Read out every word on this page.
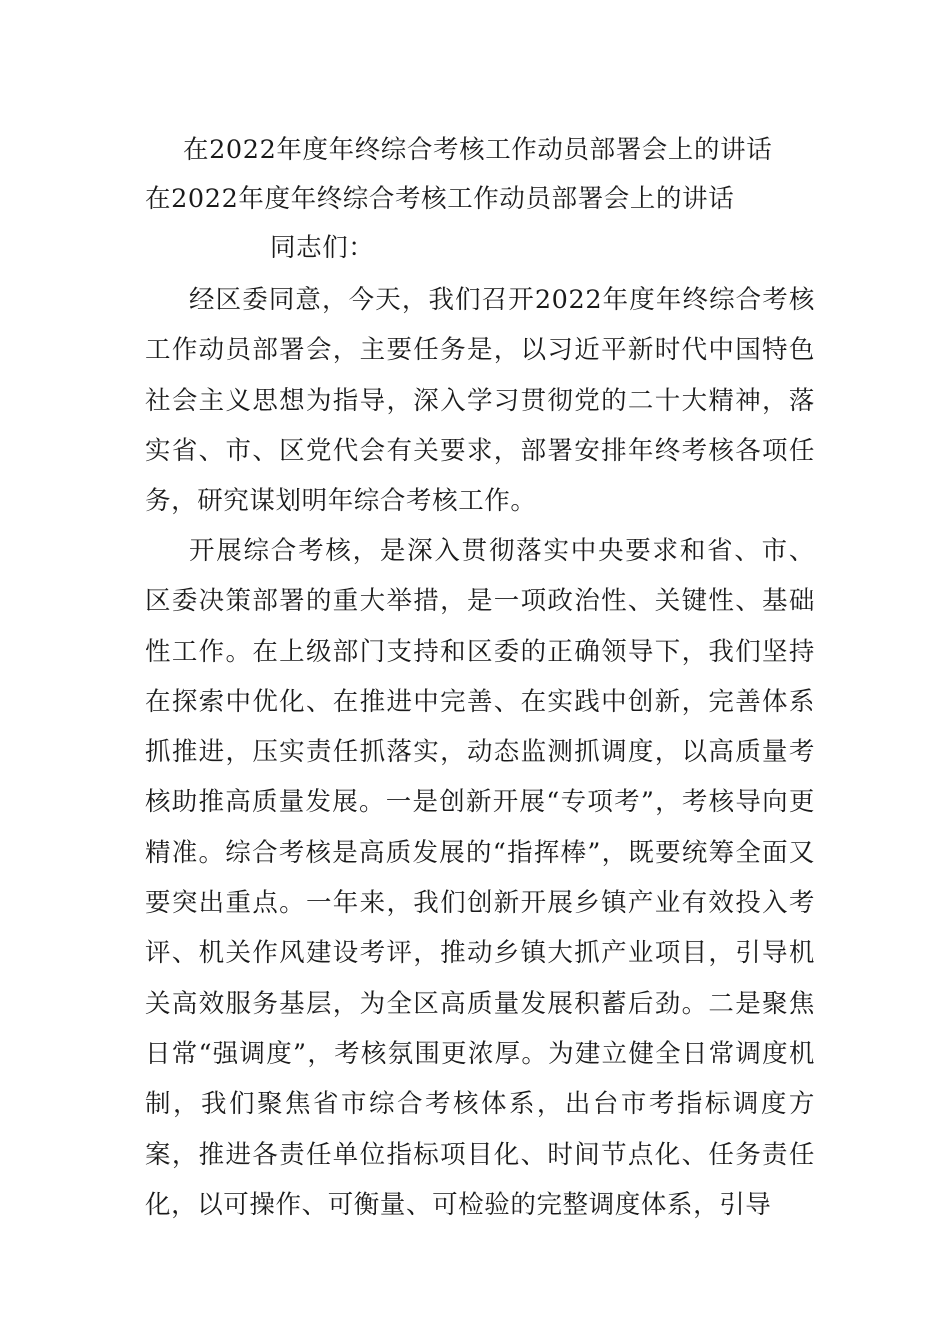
在2022年度年终综合考核工作动员部署会上的讲话
在2022年度年终综合考核工作动员部署会上的讲话
同志们：

经区委同意，今天，我们召开2022年度年终综合考核工作动员部署会，主要任务是，以习近平新时代中国特色社会主义思想为指导，深入学习贯彻党的二十大精神，落实省、市、区党代会有关要求，部署安排年终考核各项任务，研究谋划明年综合考核工作。

开展综合考核，是深入贯彻落实中央要求和省、市、区委决策部署的重大举措，是一项政治性、关键性、基础性工作。在上级部门支持和区委的正确领导下，我们坚持在探索中优化、在推进中完善、在实践中创新，完善体系抓推进，压实责任抓落实，动态监测抓调度，以高质量考核助推高质量发展。一是创新开展“专项考”，考核导向更精准。综合考核是高质发展的“指挥棒”，既要统筹全面又要突出重点。一年来，我们创新开展乡镇产业有效投入考评、机关作风建设考评，推动乡镇大抓产业项目，引导机关高效服务基层，为全区高质量发展积蓄后劲。二是聚焦日常“强调度”，考核氛围更浓厚。为建立健全日常调度机制，我们聚焦省市综合考核体系，出台市考指标调度方案，推进各责任单位指标项目化、时间节点化、任务责任化，以可操作、可衡量、可检验的完整调度体系，引导
